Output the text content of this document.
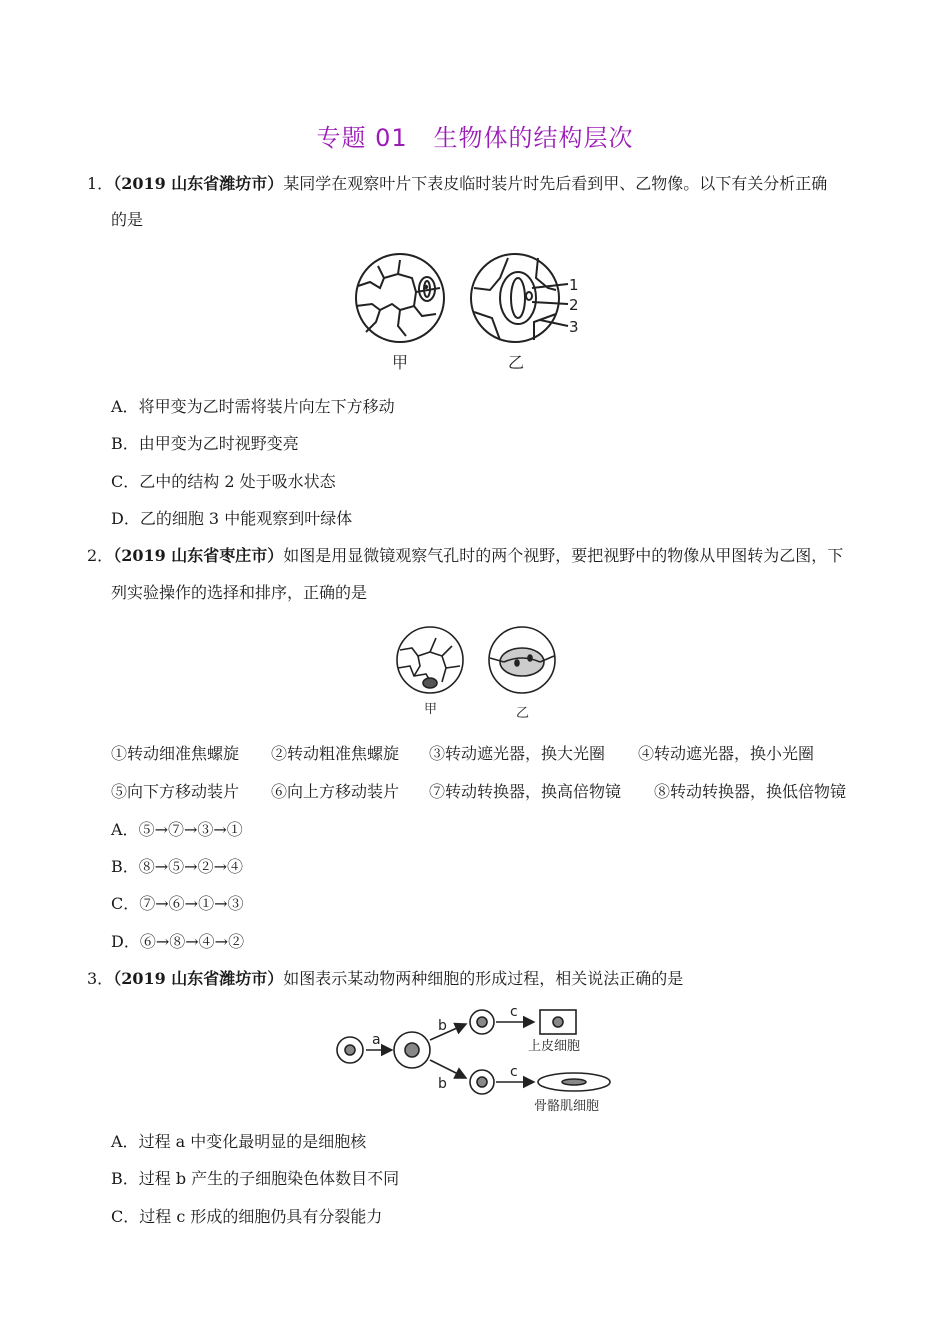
专题 01   生物体的结构层次
1．（2019 山东省潍坊市）某同学在观察叶片下表皮临时装片时先后看到甲、乙物像。以下有关分析正确
的是
1
2
3
甲	乙
A．将甲变为乙时需将装片向左下方移动
B．由甲变为乙时视野变亮
C．乙中的结构 2 处于吸水状态
D．乙的细胞 3 中能观察到叶绿体
2．（2019 山东省枣庄市）如图是用显微镜观察气孔时的两个视野，要把视野中的物像从甲图转为乙图，下
列实验操作的选择和排序，正确的是
甲	乙
①转动细准焦螺旋 ②转动粗准焦螺旋 ③转动遮光器，换大光圈 ④转动遮光器，换小光圈
⑤向下方移动装片 ⑥向上方移动装片 ⑦转动转换器，换高倍物镜 ⑧转动转换器，换低倍物镜
A．⑤→⑦→③→①
B．⑧→⑤→②→④
C．⑦→⑥→①→③
D．⑥→⑧→④→②
3．（2019 山东省潍坊市）如图表示某动物两种细胞的形成过程，相关说法正确的是
a
b
b
c
c
上皮细胞
骨骼肌细胞
A．过程 a 中变化最明显的是细胞核
B．过程 b 产生的子细胞染色体数目不同
C．过程 c 形成的细胞仍具有分裂能力
